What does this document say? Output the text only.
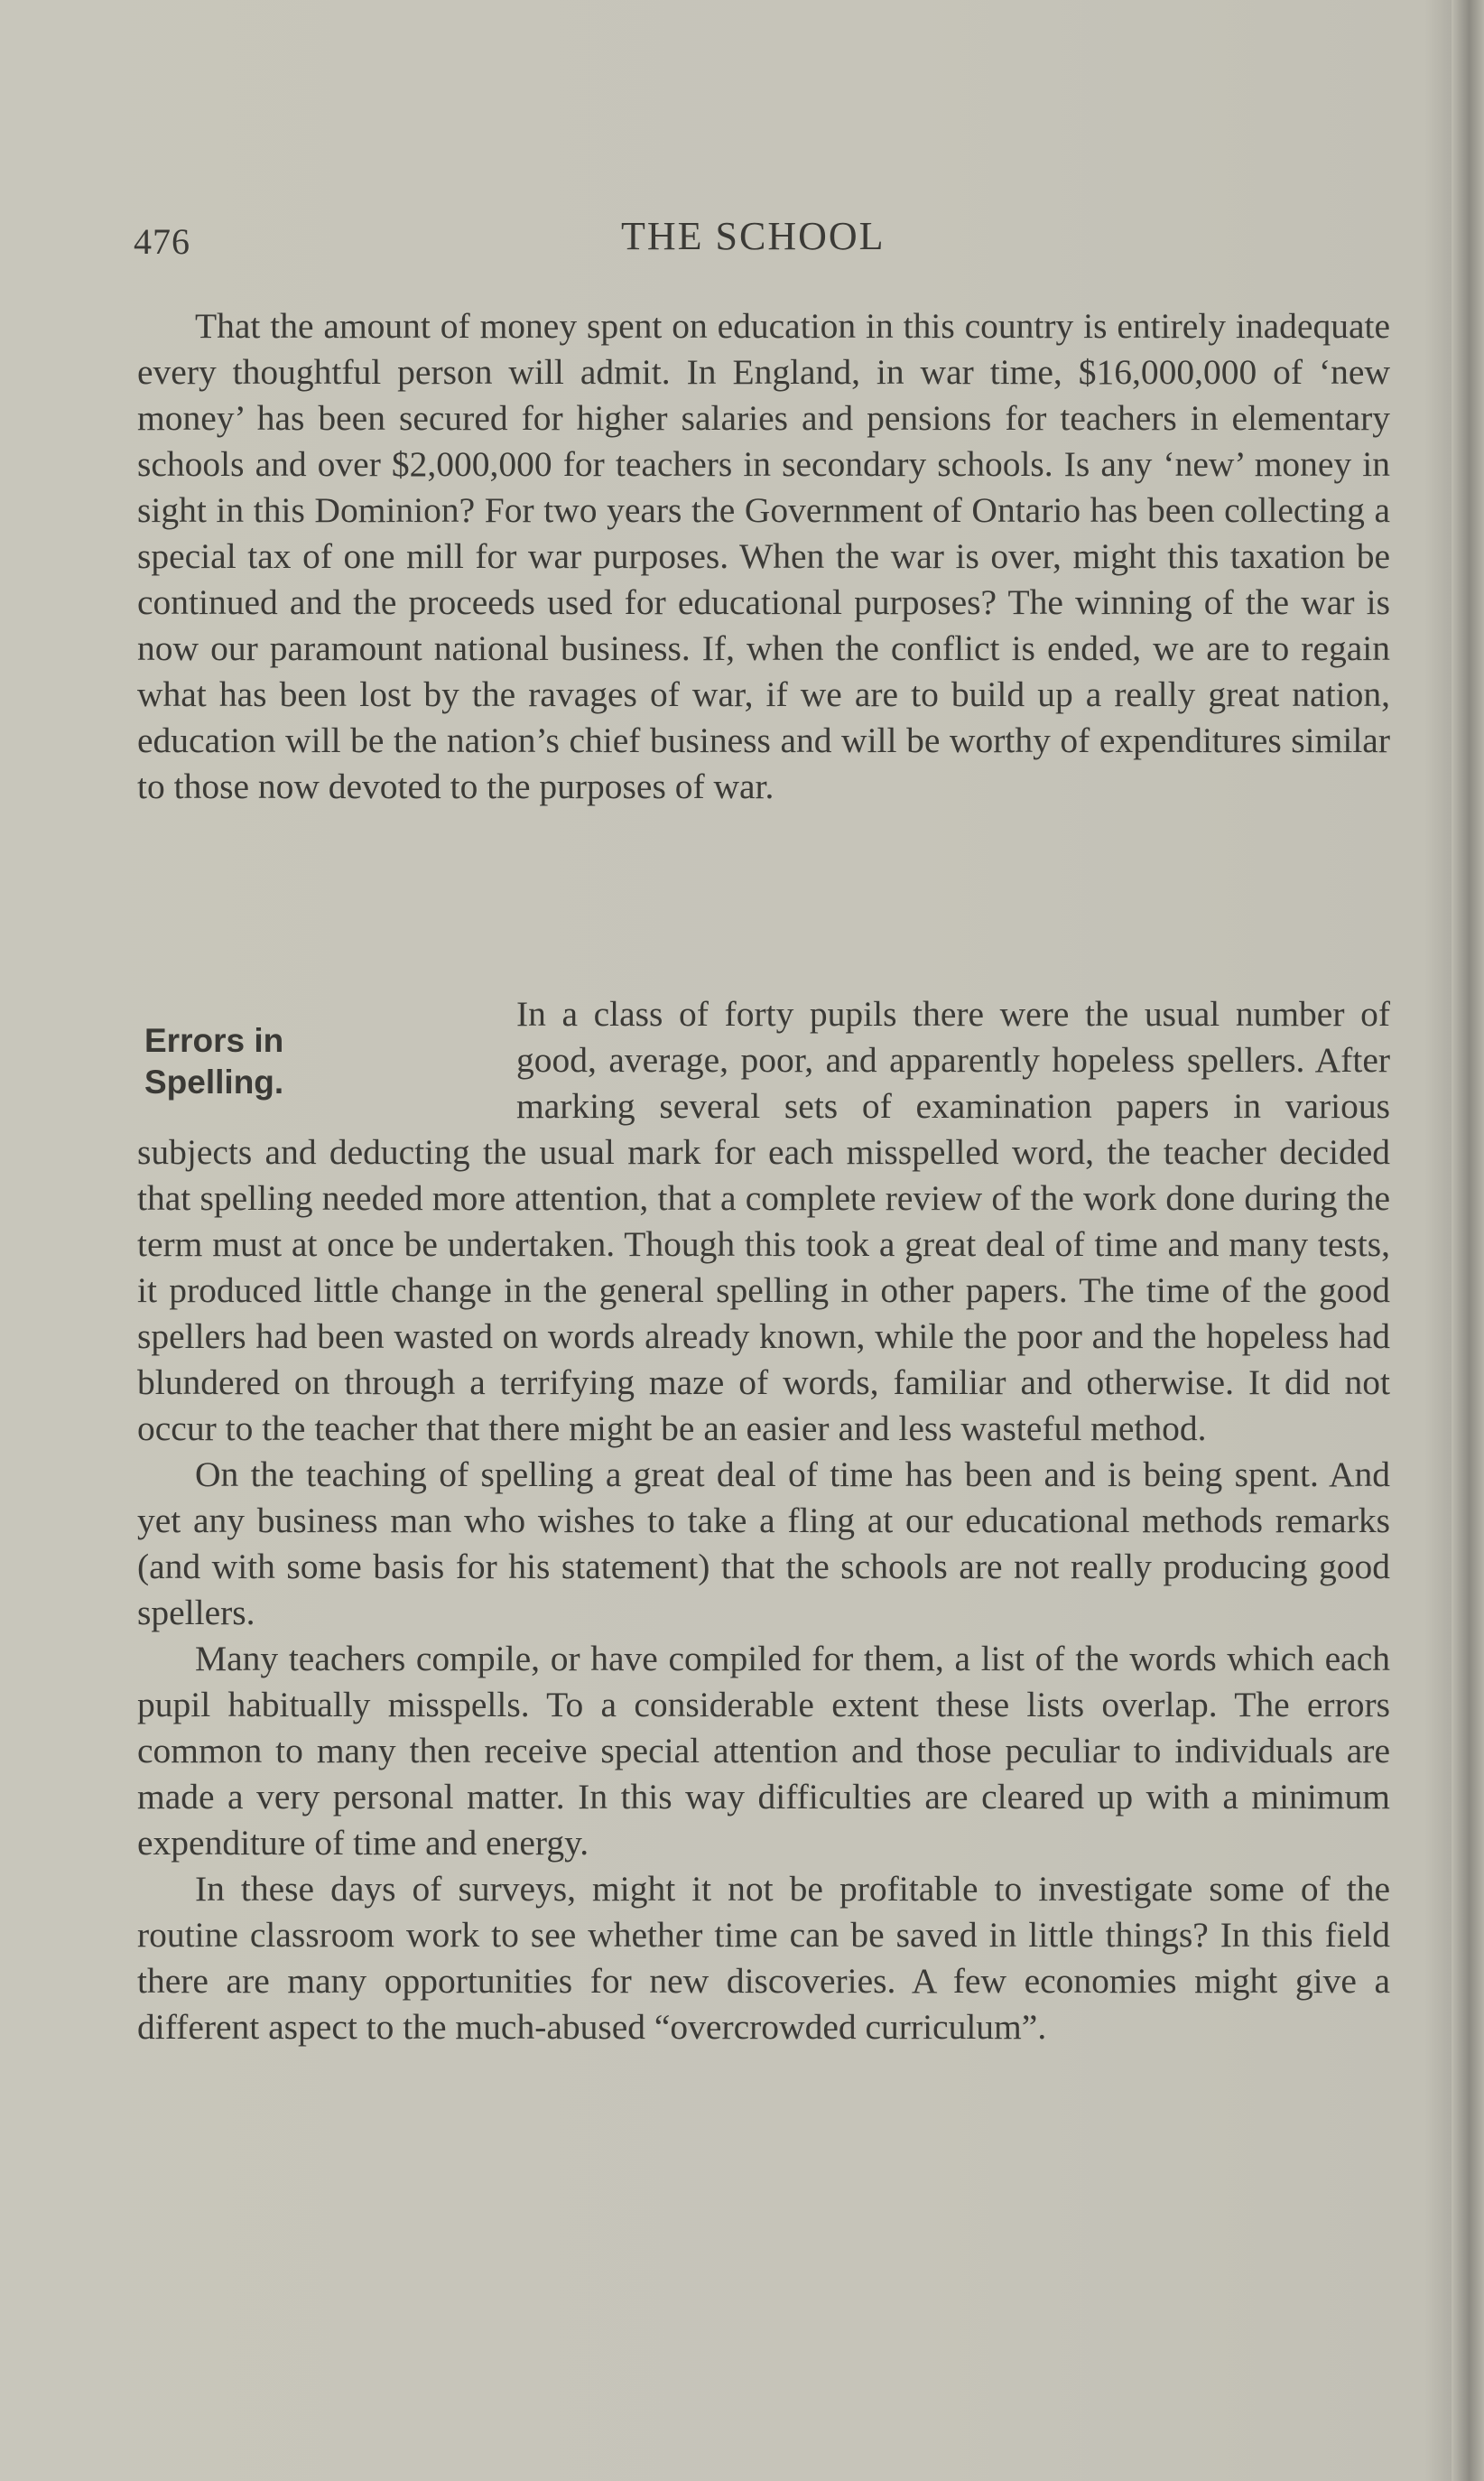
476	THE SCHOOL

That the amount of money spent on education in this country is entirely inadequate every thoughtful person will admit. In England, in war time, $16,000,000 of ‘new money’ has been secured for higher salaries and pensions for teachers in elementary schools and over $2,000,000 for teachers in secondary schools. Is any ‘new’ money in sight in this Dominion? For two years the Government of Ontario has been collecting a special tax of one mill for war purposes. When the war is over, might this taxation be continued and the proceeds used for educational purposes? The winning of the war is now our paramount national business. If, when the conflict is ended, we are to regain what has been lost by the ravages of war, if we are to build up a really great nation, education will be the nation’s chief business and will be worthy of expenditures similar to those now devoted to the purposes of war.

Errors in
Spelling.

In a class of forty pupils there were the usual number of good, average, poor, and apparently hopeless spellers. After marking several sets of examination papers in various subjects and deducting the usual mark for each misspelled word, the teacher decided that spelling needed more attention, that a complete review of the work done during the term must at once be undertaken. Though this took a great deal of time and many tests, it produced little change in the general spelling in other papers. The time of the good spellers had been wasted on words already known, while the poor and the hopeless had blundered on through a terrifying maze of words, familiar and otherwise. It did not occur to the teacher that there might be an easier and less wasteful method.

On the teaching of spelling a great deal of time has been and is being spent. And yet any business man who wishes to take a fling at our educational methods remarks (and with some basis for his statement) that the schools are not really producing good spellers.

Many teachers compile, or have compiled for them, a list of the words which each pupil habitually misspells. To a considerable extent these lists overlap. The errors common to many then receive special attention and those peculiar to individuals are made a very personal matter. In this way difficulties are cleared up with a minimum expenditure of time and energy.

In these days of surveys, might it not be profitable to investigate some of the routine classroom work to see whether time can be saved in little things? In this field there are many opportunities for new discoveries. A few economies might give a different aspect to the much-abused “overcrowded curriculum”.
